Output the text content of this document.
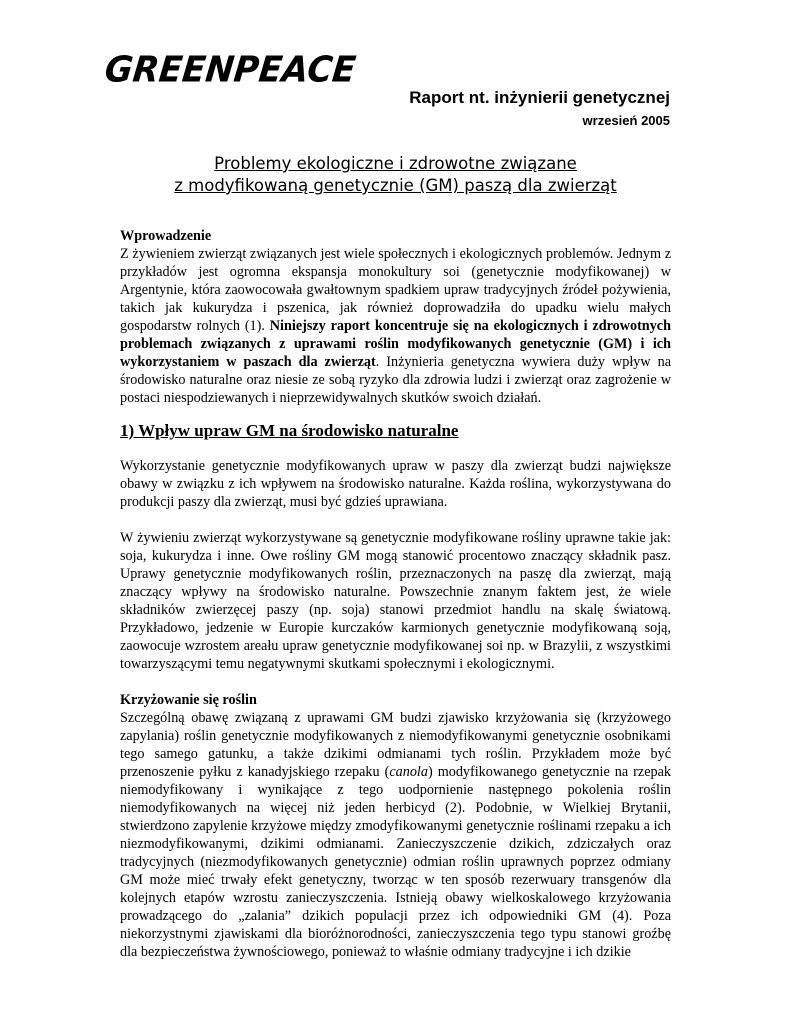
GREENPEACE
Raport nt. inżynierii genetycznej
wrzesień 2005
Problemy ekologiczne i zdrowotne związane
z modyfikowaną genetycznie (GM) paszą dla zwierząt

Wprowadzenie

Z żywieniem zwierząt związanych jest wiele społecznych i ekologicznych problemów. Jednym z przykładów jest ogromna ekspansja monokultury soi (genetycznie modyfikowanej) w Argentynie, która zaowocowała gwałtownym spadkiem upraw tradycyjnych źródeł pożywienia, takich jak kukurydza i pszenica, jak również doprowadziła do upadku wielu małych gospodarstw rolnych (1). Niniejszy raport koncentruje się na ekologicznych i zdrowotnych problemach związanych z uprawami roślin modyfikowanych genetycznie (GM) i ich wykorzystaniem w paszach dla zwierząt. Inżynieria genetyczna wywiera duży wpływ na środowisko naturalne oraz niesie ze sobą ryzyko dla zdrowia ludzi i zwierząt oraz zagrożenie w postaci niespodziewanych i nieprzewidywalnych skutków swoich działań.

1) Wpływ upraw GM na środowisko naturalne

Wykorzystanie genetycznie modyfikowanych upraw w paszy dla zwierząt budzi największe obawy w związku z ich wpływem na środowisko naturalne. Każda roślina, wykorzystywana do produkcji paszy dla zwierząt, musi być gdzieś uprawiana.

W żywieniu zwierząt wykorzystywane są genetycznie modyfikowane rośliny uprawne takie jak: soja, kukurydza i inne. Owe rośliny GM mogą stanowić procentowo znaczący składnik pasz. Uprawy genetycznie modyfikowanych roślin, przeznaczonych na paszę dla zwierząt, mają znaczący wpływy na środowisko naturalne. Powszechnie znanym faktem jest, że wiele składników zwierzęcej paszy (np. soja) stanowi przedmiot handlu na skalę światową. Przykładowo, jedzenie w Europie kurczaków karmionych genetycznie modyfikowaną soją, zaowocuje wzrostem areału upraw genetycznie modyfikowanej soi np. w Brazylii, z wszystkimi towarzyszącymi temu negatywnymi skutkami społecznymi i ekologicznymi.

Krzyżowanie się roślin

Szczególną obawę związaną z uprawami GM budzi zjawisko krzyżowania się (krzyżowego zapylania) roślin genetycznie modyfikowanych z niemodyfikowanymi genetycznie osobnikami tego samego gatunku, a także dzikimi odmianami tych roślin. Przykładem może być przenoszenie pyłku z kanadyjskiego rzepaku (canola) modyfikowanego genetycznie na rzepak niemodyfikowany i wynikające z tego uodpornienie następnego pokolenia roślin niemodyfikowanych na więcej niż jeden herbicyd (2). Podobnie, w Wielkiej Brytanii, stwierdzono zapylenie krzyżowe między zmodyfikowanymi genetycznie roślinami rzepaku a ich niezmodyfikowanymi, dzikimi odmianami. Zanieczyszczenie dzikich, zdziczałych oraz tradycyjnych (niezmodyfikowanych genetycznie) odmian roślin uprawnych poprzez odmiany GM może mieć trwały efekt genetyczny, tworząc w ten sposób rezerwuary transgenów dla kolejnych etapów wzrostu zanieczyszczenia. Istnieją obawy wielkoskalowego krzyżowania prowadzącego do „zalania” dzikich populacji przez ich odpowiedniki GM (4). Poza niekorzystnymi zjawiskami dla bioróżnorodności, zanieczyszczenia tego typu stanowi groźbę dla bezpieczeństwa żywnościowego, ponieważ to właśnie odmiany tradycyjne i ich dzikie
